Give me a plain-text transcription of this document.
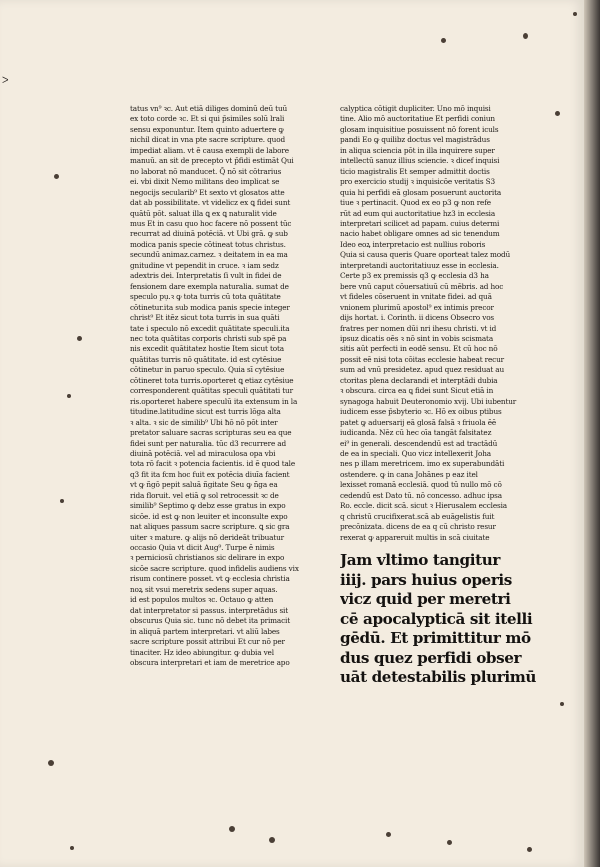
ᐳ
tatus vn⁹ ꝛc. Aut etiā diliges dominū deū tuū
ex toto corde ꝛc. Et si qui p̄similes solū lrali
sensu exponuntur. Item quinto aduertere ꝙ
nichil dicat in vna pte sacre scripture. quod
impediat aliam. vt ē causa exempli de labore
manuū. an sit de precepto vt p̄fidi estimāt Qui
no laborat nō manducet. Q̄ nō sit cōtrarius
ei. vbi dixit Nemo militans deo implicat se
negocijs secularib⁹ Et sexto vt glosatos atte
dat ab possibilitate. vt videlicz ex ꝗ fidei sunt
quātū pōt. saluat illa ꝗ ex ꝗ naturalit vide
mus Et in casu quo hoc facere nō possent tūc
recurrat ad diuinā potēciā. vt Ubi grā. ꝙ sub
modica panis specie cōtineat totus christus.
secundū animaz.carnez. ꝛ deitatem in ea ma
gnitudine vt pependit in cruce. ꝛ iam sedz
adextris dei. Interpretatis ſi vult in fidei de
fensionem dare exempla naturalia. sumat de
speculo pụ.ꝛ ꝙ tota turris cū tota quātitate
cōtinetur.ita sub modica panis specie integer
christ⁹ Et itēz sicut tota turris in sua quāti
tate i speculo nō excedit quātitate speculi.ita
nec tota quātitas corporis christi sub spē pa
nis excedit quātitatez hostie Item sicut tota
quātitas turris nō quātitate. id est cytēsiue
cōtinetur in paruo speculo. Quia sī cytēsiue
cōtineret tota turris.oporteret ꝗ etiaz cytēsiue
corresponderent quātitas speculi quātitati tur
ris.oporteret habere speculū ita extensum in la
titudine.latitudine sicut est turris lōga alta
ꝛ alta. ꝛ sic de similib⁹ Ubi ħō nō pōt inter
pretator saluare sacras scripturas seu ea que
fidei sunt per naturalia. tūc d3 recurrere ad
diuinā potēciā. vel ad miraculosa opa vbi
tota rō facit ꝛ potencia facientis. id ē quod tale
q3 fit ita fcm hoc fuit ex potēcia diuīa facient
vt ꝙ ñgō pepit saluā ñgitate Seu ꝙ ñga ea
rida floruit. vel etiā ꝙ sol retrocessit ꝛc de
similib⁹ Septimo ꝙ debz esse gratus in expo
sicōe. id est ꝙ non leuiter et inconsulte expo
nat aliques passum sacre scripture. ꝗ sic gra
uiter ꝛ mature. ꝙ alijs nō derideāt tribuatur
occasio Quia vt dicit Aug⁹. Turpe ē nimis
ꝛ perniciosū christianos sic delirare in expo
sicōe sacre scripture. quod infidelis audiens vix
risum continere posset. vt ꝙ ecclesia christia
noꝝ sit vsui meretrix sedens super aquas.
id est populos multos ꝛc. Octauo ꝙ atten
dat interpretator si passus. interpretādus sit
obscurus Quia sic. tunc nō debet ita primacit
in aliquā partem interpretari. vt aliū labes
sacre scripture possit attribui Et cur nō per
tinaciter. Hz ideo abiungitur. ꝙ dubia vel
obscura interpretari et iam de meretrice apo
calyptica cōtigit dupliciter. Uno mō inquisi
tine. Alio mō auctoritatiue Et perfidi coniun
glosam inquisitiue posuissent nō forent iculs
pandi Eo ꝙ quilibz doctus vel magistrādus
in aliqua sciencia pōt in illa inquirere super
intellectū sanuz illius sciencie. ꝛ dicef inquisi
ticio magistralis Et semper admittit doctis
pro exercicio studij ꝛ inquisicōe veritatis S3
quia hi perfidi eā glosam posuerunt auctorita
tiue ꝛ pertinacit. Quod ex eo p3 ꝙ non refe
rūt ad eum qui auctoritatiue hz3 in ecclesia
interpretari scilicet ad papam. cuius determi
nacio habet obligare omnes ad sic tenendum
Ideo eoꝝ interpretacio est nullius roboris
Quia si causa queris Quare oporteat talez modū
interpretandi auctoritatiuuz esse in ecclesia.
Certe p3 ex premissis q3 ꝙ ecclesia d3 ha
bere vnū caput cōuersatiuū cū mēbris. ad hoc
vt fideles cōseruent in vnitate fidei. ad quā
vnionem plurimū apostol⁹ ex intimis precor
dijs hortat. i. Corinth. ii dicens Obsecro vos
fratres per nomen dūi nri ihesu christi. vt id
ipsuz dicatis oēs ꝛ nō sint in vobis scismata
sitis aūt perfecti in eodē sensu. Et cū hoc nō
possit eē nisi tota cōitas ecclesie habeat recur
sum ad vnū presidetez. apud quez residuat au
ctoritas plena declarandi et interptādi dubia
ꝛ obscura. circa ea ꝗ fidei sunt Sicut etiā in
synagoga habuit Deuteronomio xvij. Ubi iubentur
iudicem esse p̄sbyterio ꝛc. Hō ex oibus ptibus
patet ꝙ aduersarij eā glosā falsā ꝛ friuola ēē
iudicanda. Nēz cū hec oīa tangāt falsitatez
ei⁹ in generali. descendendū est ad tractādū
de ea in speciali. Quo vicz intellexerit Joha
nes p illam meretricem. imo ex superabundāti
ostendere. ꝙ in cana Johānes p eaz itel
lexisset romanā ecclesiā. quod tū nullo mō cō
cedendū est Dato tū. nō concesso. adhuc ipsa
Ro. eccle. dicit scā. sicut ꝛ Hierusalem ecclesia
q christū crucifixerat.scā ab euāgelistis fuit
precōnizata. dicens de ea q cū christo resur
rexerat ꝙ appareruit multis in scā ciuitate
Jam vltimo tangitur
iiij. pars huius operis
vicz quid per meretri
cē apocalypticā sit itelli
gēdū. Et primittitur mō
dus quez perfidi obser
uāt detestabilis plurimū
